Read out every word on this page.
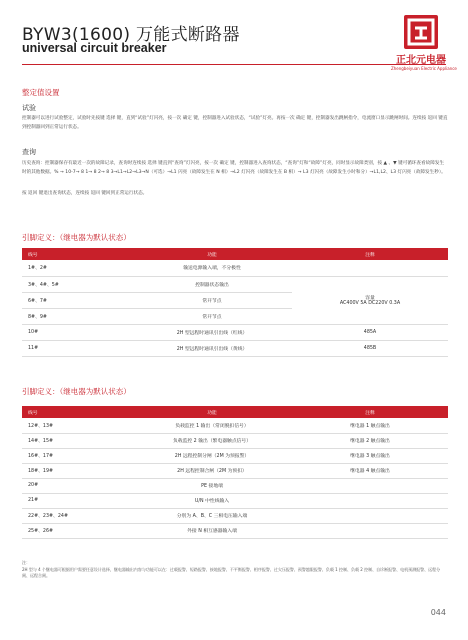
BYW3(1600) 万能式断路器
universal circuit breaker
正北元电器
Zhengbeiyuan Electric Appliance
整定值设置
试验
控制器可以进行试验整定，试验时先按键 选择 键，直到“试验”灯闪亮，按一次 确定 键，控制器进入试验状态，“试验”灯亮。再按一次 确定 键，控制器发出跳闸指令，电流窗口显示跳闸时间。连续按 返回 键直到控制器回到正常运行状态。
查询
历史查询：控制器保存有最近一次的故障记录，查询时连续按 选择 键直到“查询”灯闪亮，按一次 确定 键，控制器进入查询状态，“查询”灯和“故障”灯亮，同时显示故障类别，按 ▲ 、▼ 键可循环查看故障发生时的其他数据。% → 10-7→ 8 1→ 8 2→ 8 3→L1→L2→L3→N（可选）→L1 闪亮（故障发生在 N 相）→L2 灯闪亮（故障发生在 B 相）→ L3 灯闪亮（故障发生小时和分）→L1,L2、L3 灯闪亮（故障发生秒）。
按 返回 键退出查询状态，连续按 返回 键回到正常运行状态。
引脚定义：（继电器为默认状态）
线号	功能	注释
1#、2#	输送电源输入端，不分极性	
3#、4#、5#	控制器状态输出	容量
AC400V 5A DC220V 0.3A

6#、7#	常开节点	
8#、9#	常开节点	
10#	2H 型远程时通讯引出线（红线）	485A
11#	2H 型远程时通讯引出线（黄线）	485B
引脚定义：（继电器为默认状态）
线号	功能	注释
12#、13#	负载监控 1 输出（常闭脱扣信号）	继电器 1 触点输出
14#、15#	负载监控 2 输出（繁电器触点信号）	继电器 2 触点输出
16#、17#	2H 远程控制分闸（2M 为预报警）	继电器 3 触点输出
18#、19#	2H 远程控制合闸（2M 为预扣）	继电器 4 触点输出
20#	PE 接地端	
21#	U/N 中性线输入	
22#、23#、24#	分别为 A、B、C 三相电压输入端	
25#、26#	外接 N 相互感器输入端	
注：
2H 型与 4 个继电器可根据用户需要任意设计选择，继电器输出内容与功能可以在：过载报警、短路报警、接地报警、不平衡报警、相序报警、过欠压报警、预警越限报警、负载 1 控制、负载 2 控制、自诊断报警、电机预测报警、远程分闸、远程合闸。
044
